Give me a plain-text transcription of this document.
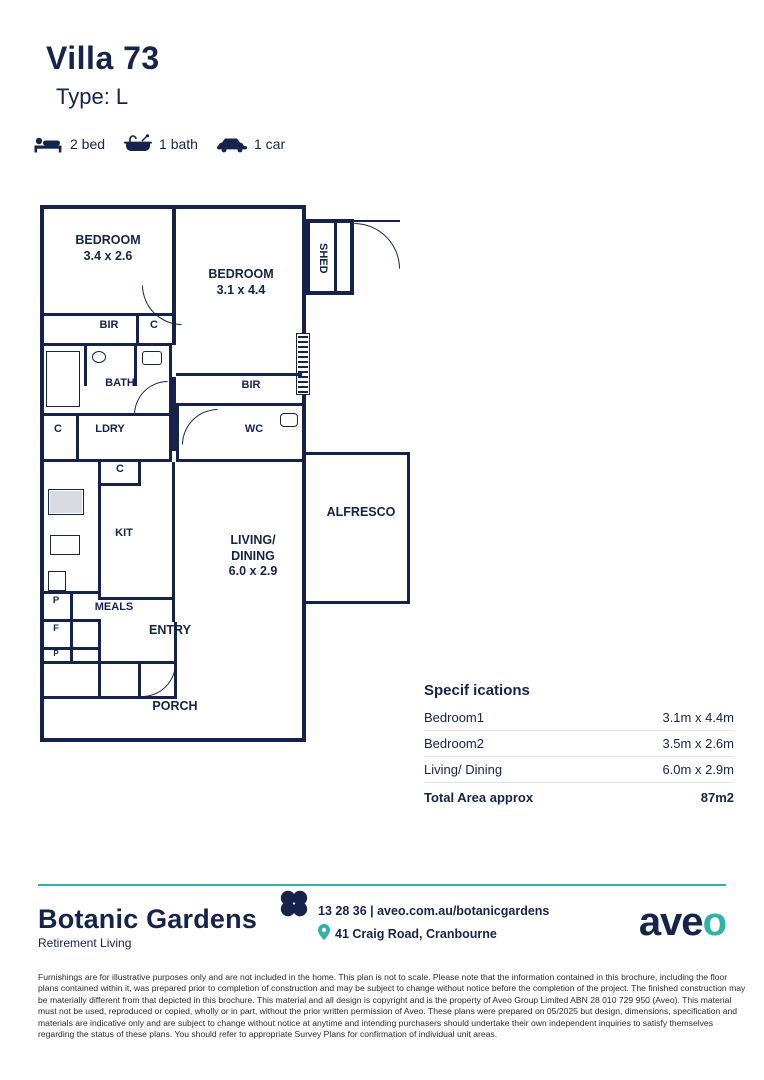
Villa 73
Type: L
2 bed	1 bath	1 car
BEDROOM
3.4 x 2.6
BEDROOM
3.1 x 4.4
SHED
BIR	C
BATH	BIR
C	LDRY	WC
C
KIT	LIVING/
DINING
6.0 x 2.9
ALFRESCO
P
F
P
MEALS
ENTRY
PORCH
Specif ications
Bedroom1	3.1m x 4.4m
Bedroom2	3.5m x 2.6m
Living/ Dining	6.0m x 2.9m
Total Area approx	87m2
Botanic Gardens
Retirement Living
13 28 36 | aveo.com.au/botanicgardens
41 Craig Road, Cranbourne	aveo
Furnishings are for illustrative purposes only and are not included in the home. This plan is not to scale. Please note that the information contained in this brochure, including the floor plans contained within it, was prepared prior to completion of construction and may be subject to change without notice before the completion of the project. The finished construction may be materially different from that depicted in this brochure. This material and all design is copyright and is the property of Aveo Group Limited ABN 28 010 729 950 (Aveo). This material must not be used, reproduced or copied, wholly or in part, without the prior written permission of Aveo. These plans were prepared on 05/2025 but design, dimensions, specification and materials are indicative only and are subject to change without notice at anytime and intending purchasers should undertake their own independent inquiries to satisfy themselves regarding the status of these plans. You should refer to appropriate Survey Plans for confirmation of individual unit areas.
